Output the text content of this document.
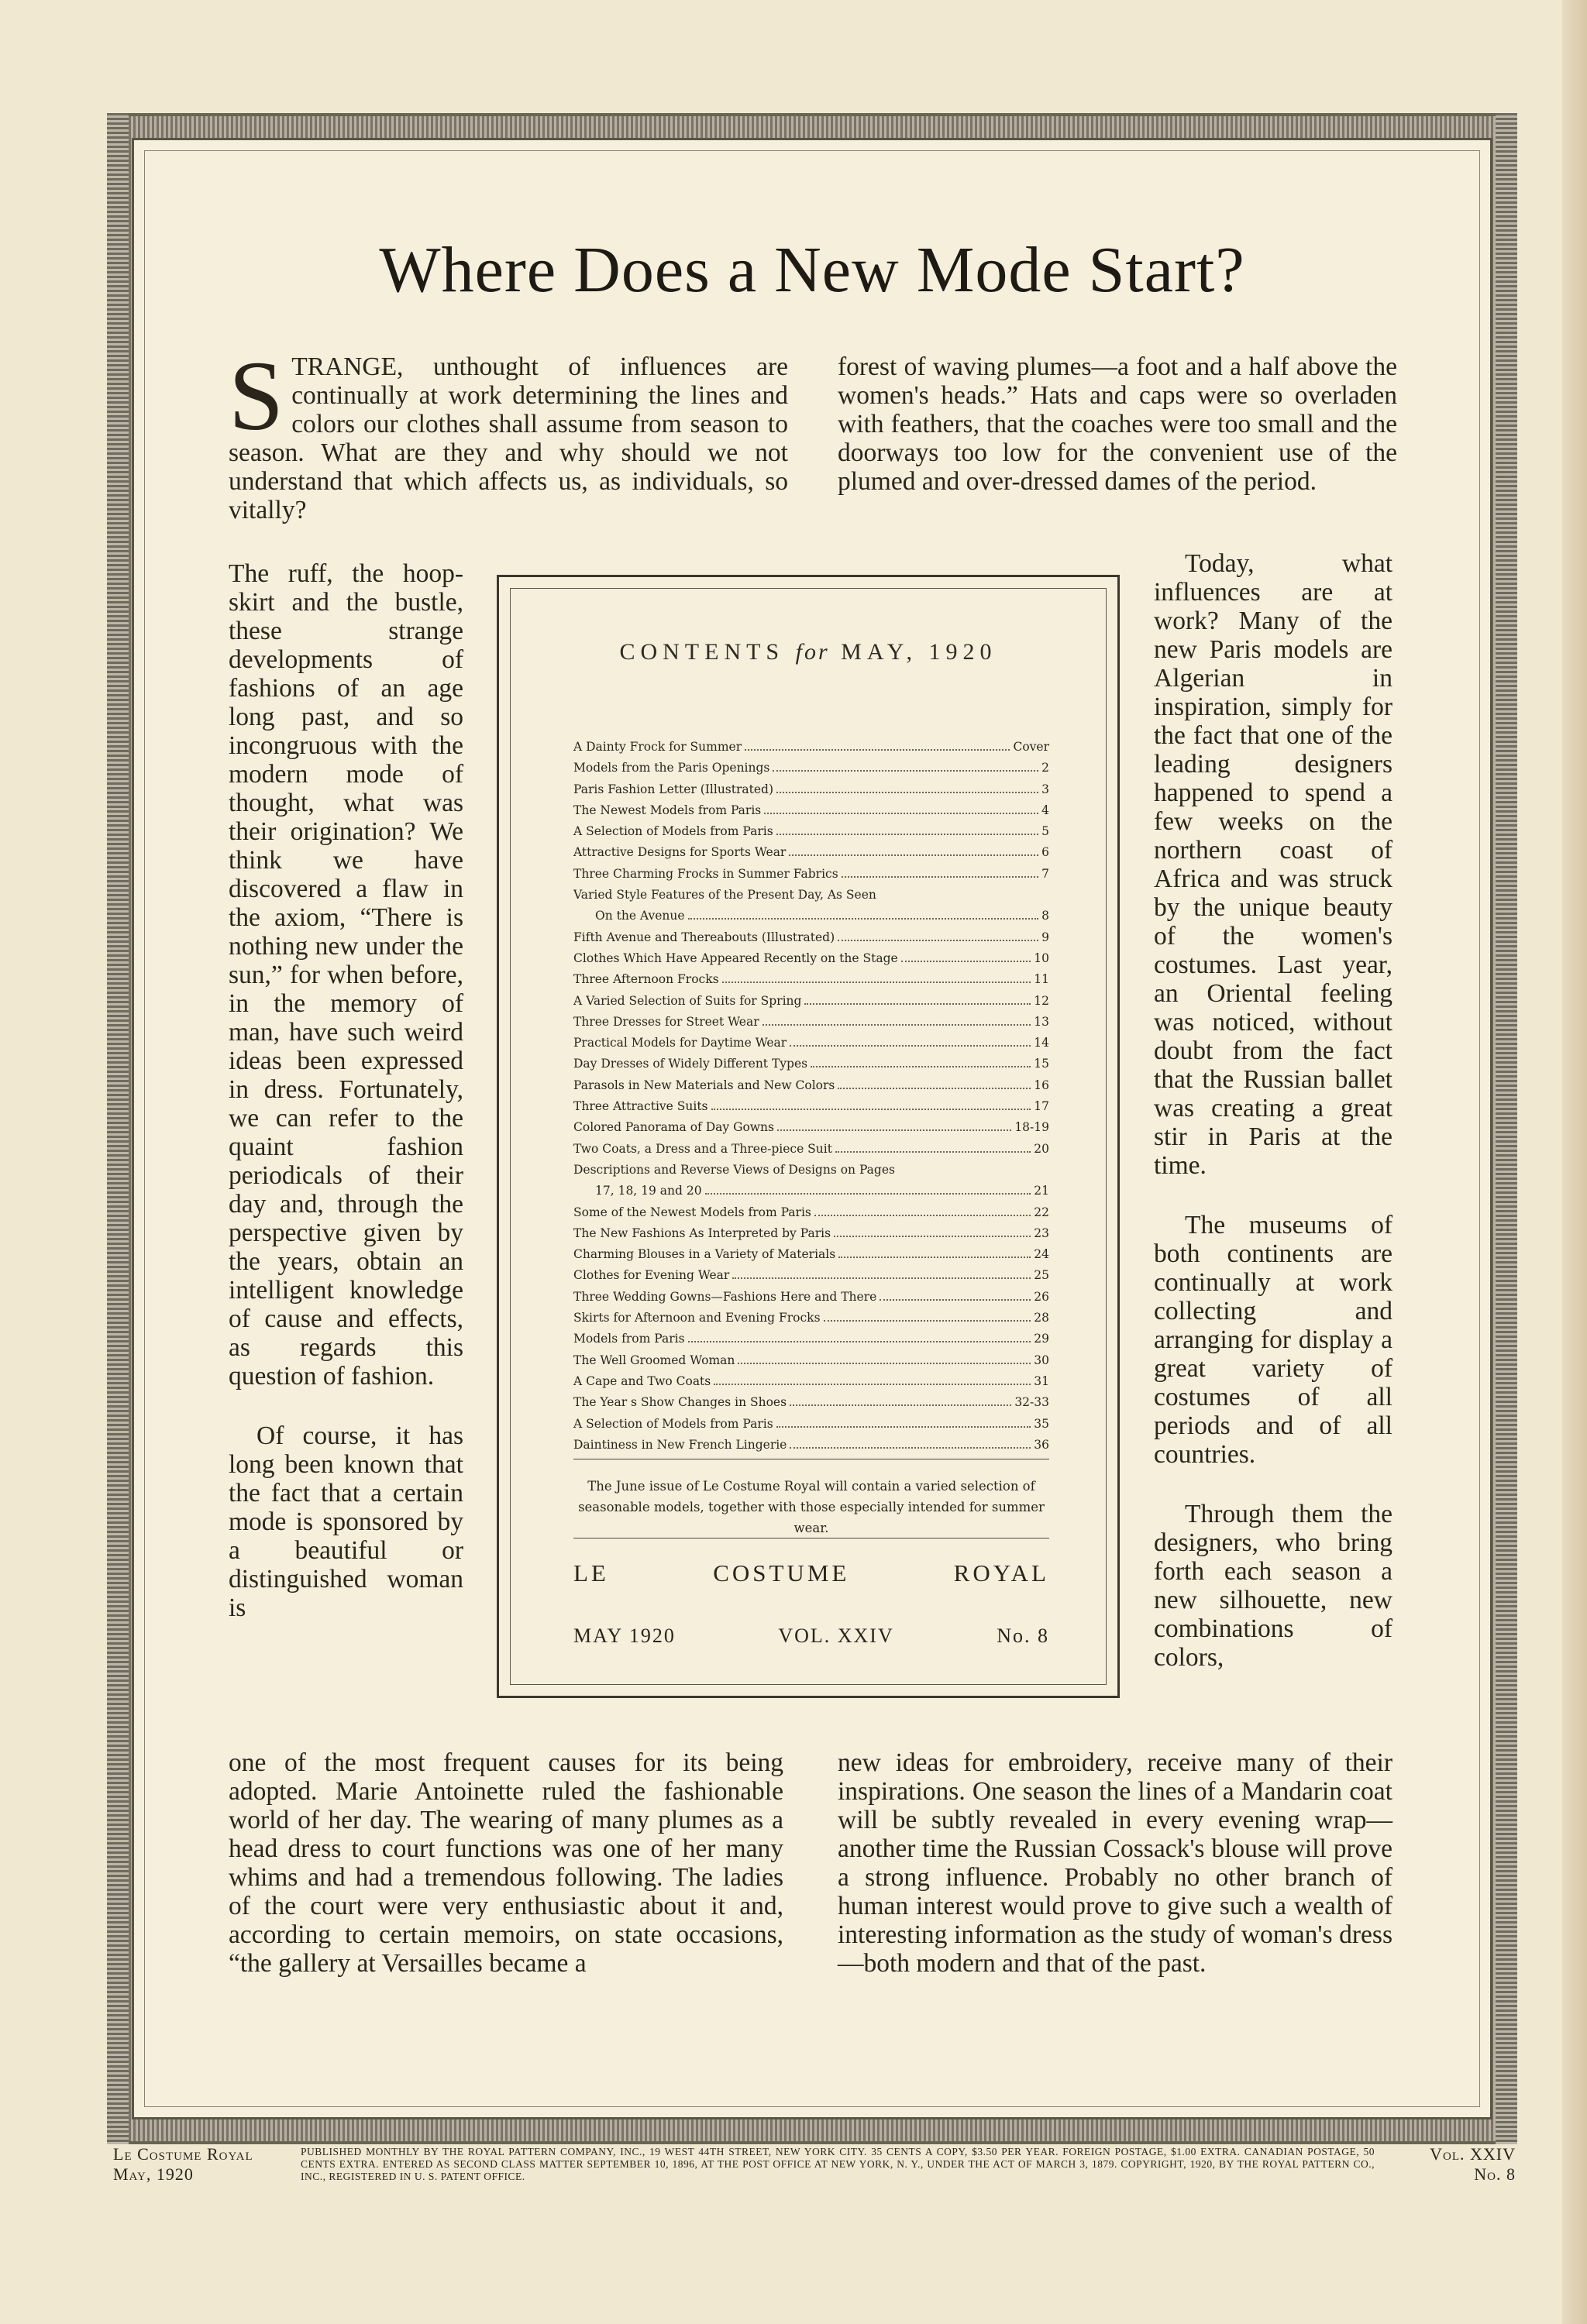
Where Does a New Mode Start?

STRANGE, unthought of influences are continually at work determining the lines and colors our clothes shall assume from season to season. What are they and why should we not understand that which affects us, as individuals, so vitally?

forest of waving plumes—a foot and a half above the women's heads.” Hats and caps were so overladen with feathers, that the coaches were too small and the doorways too low for the convenient use of the plumed and over-dressed dames of the period.

The ruff, the hoop-skirt and the bustle, these strange developments of fashions of an age long past, and so incongruous with the modern mode of thought, what was their origination? We think we have discovered a flaw in the axiom, “There is nothing new under the sun,” for when before, in the memory of man, have such weird ideas been expressed in dress. Fortunately, we can refer to the quaint fashion periodicals of their day and, through the perspective given by the years, obtain an intelligent knowledge of cause and effects, as regards this question of fashion.

Of course, it has long been known that the fact that a certain mode is sponsored by a beautiful or distinguished woman is

Today, what influences are at work? Many of the new Paris models are Algerian in inspiration, simply for the fact that one of the leading designers happened to spend a few weeks on the northern coast of Africa and was struck by the unique beauty of the women's costumes. Last year, an Oriental feeling was noticed, without doubt from the fact that the Russian ballet was creating a great stir in Paris at the time.

The museums of both continents are continually at work collecting and arranging for display a great variety of costumes of all periods and of all countries.

Through them the designers, who bring forth each season a new silhouette, new combinations of colors,

one of the most frequent causes for its being adopted. Marie Antoinette ruled the fashionable world of her day. The wearing of many plumes as a head dress to court functions was one of her many whims and had a tremendous following. The ladies of the court were very enthusiastic about it and, according to certain memoirs, on state occasions, “the gallery at Versailles became a

new ideas for embroidery, receive many of their inspirations. One season the lines of a Mandarin coat will be subtly revealed in every evening wrap—another time the Russian Cossack's blouse will prove a strong influence. Probably no other branch of human interest would prove to give such a wealth of interesting information as the study of woman's dress—both modern and that of the past.

CONTENTS for MAY, 1920
A Dainty Frock for Summer	Cover
Models from the Paris Openings	2
Paris Fashion Letter (Illustrated)	3
The Newest Models from Paris	4
A Selection of Models from Paris	5
Attractive Designs for Sports Wear	6
Three Charming Frocks in Summer Fabrics	7
Varied Style Features of the Present Day, As Seen
On the Avenue	8
Fifth Avenue and Thereabouts (Illustrated)	9
Clothes Which Have Appeared Recently on the Stage	10
Three Afternoon Frocks	11
A Varied Selection of Suits for Spring	12
Three Dresses for Street Wear	13
Practical Models for Daytime Wear	14
Day Dresses of Widely Different Types	15
Parasols in New Materials and New Colors	16
Three Attractive Suits	17
Colored Panorama of Day Gowns	18-19
Two Coats, a Dress and a Three-piece Suit	20
Descriptions and Reverse Views of Designs on Pages
17, 18, 19 and 20	21
Some of the Newest Models from Paris	22
The New Fashions As Interpreted by Paris	23
Charming Blouses in a Variety of Materials	24
Clothes for Evening Wear	25
Three Wedding Gowns—Fashions Here and There	26
Skirts for Afternoon and Evening Frocks	28
Models from Paris	29
The Well Groomed Woman	30
A Cape and Two Coats	31
The Year s Show Changes in Shoes	32-33
A Selection of Models from Paris	35
Daintiness in New French Lingerie	36
The June issue of Le Costume Royal will contain a varied selection of seasonable models, together with those especially intended for summer wear.
LE	COSTUME	ROYAL
MAY 1920	VOL. XXIV	No. 8
Le Costume Royal
May, 1920
PUBLISHED MONTHLY BY THE ROYAL PATTERN COMPANY, INC., 19 WEST 44TH STREET, NEW YORK CITY. 35 CENTS A COPY, $3.50 PER YEAR. FOREIGN POSTAGE, $1.00 EXTRA. CANADIAN POSTAGE, 50 CENTS EXTRA. ENTERED AS SECOND CLASS MATTER SEPTEMBER 10, 1896, AT THE POST OFFICE AT NEW YORK, N. Y., UNDER THE ACT OF MARCH 3, 1879. COPYRIGHT, 1920, BY THE ROYAL PATTERN CO., INC., REGISTERED IN U. S. PATENT OFFICE.
Vol. XXIV
No. 8
